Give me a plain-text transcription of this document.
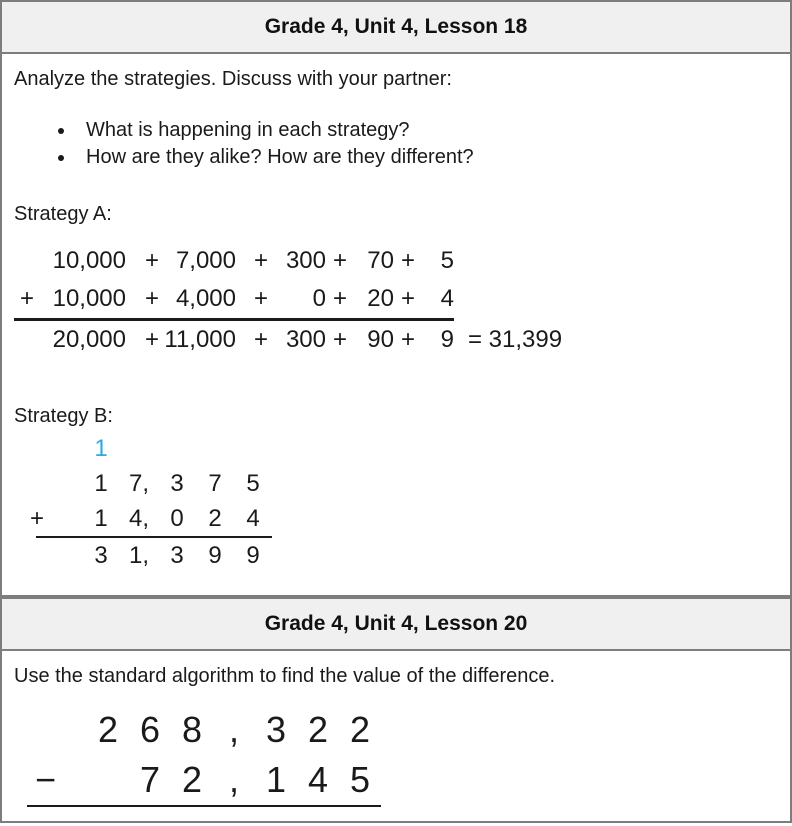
Grade 4, Unit 4, Lesson 18

Analyze the strategies. Discuss with your partner:

• What is happening in each strategy?
• How are they alike? How are they different?

Strategy A:

10,000 + 7,000 + 300 + 70 +	5
+ 10,000 + 4,000 +	0 + 20 +	4
20,000 + 11,000 + 300 + 90 +	9 = 31,399

Strategy B:

1
1 7, 3	7	5
+	1 4, 0	2	4
3 1, 3	9	9
Grade 4, Unit 4, Lesson 20

Use the standard algorithm to find the value of the difference.

2 6 8 , 3 2 2
−	7 2 , 1 4 5
